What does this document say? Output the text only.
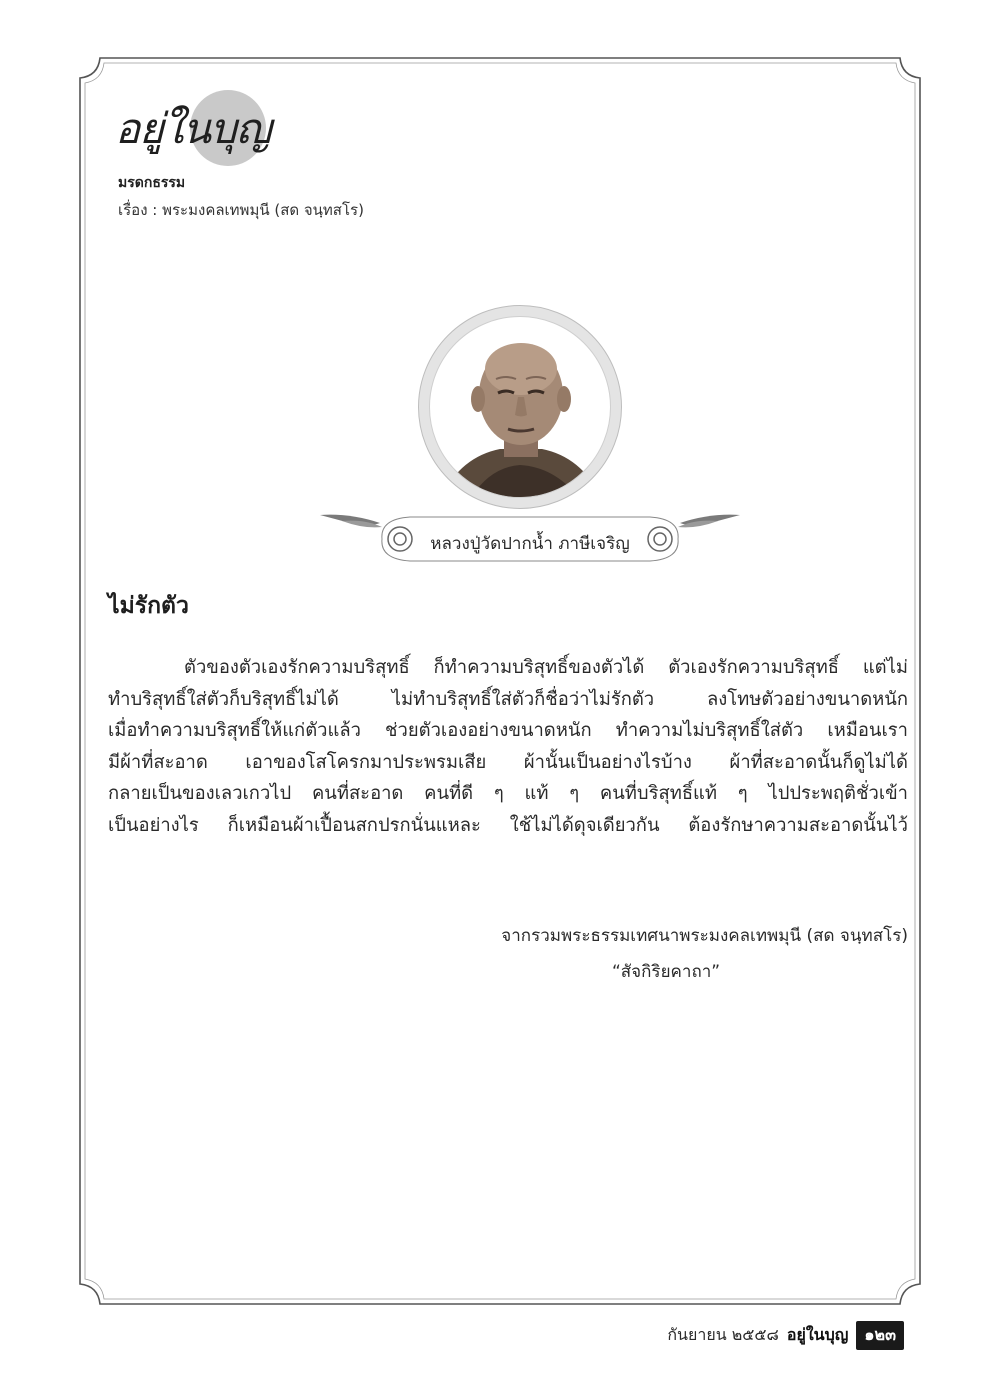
อยู่ในบุญ
มรดกธรรม
เรื่อง : พระมงคลเทพมุนี (สด จนฺทสโร)
หลวงปู่วัดปากน้ำ ภาษีเจริญ
ไม่รักตัว

ตัวของตัวเองรักความบริสุทธิ์ ก็ทำความบริสุทธิ์ของตัวได้ ตัวเองรักความบริสุทธิ์ แต่ไม่

ทำบริสุทธิ์ใส่ตัวก็บริสุทธิ์ไม่ได้ ไม่ทำบริสุทธิ์ใส่ตัวก็ชื่อว่าไม่รักตัว ลงโทษตัวอย่างขนาดหนัก

เมื่อทำความบริสุทธิ์ให้แก่ตัวแล้ว ช่วยตัวเองอย่างขนาดหนัก ทำความไม่บริสุทธิ์ใส่ตัว เหมือนเรา

มีผ้าที่สะอาด เอาของโสโครกมาประพรมเสีย ผ้านั้นเป็นอย่างไรบ้าง ผ้าที่สะอาดนั้นก็ดูไม่ได้

กลายเป็นของเลวเกวไป คนที่สะอาด คนที่ดี ๆ แท้ ๆ คนที่บริสุทธิ์แท้ ๆ ไปประพฤติชั่วเข้า

เป็นอย่างไร ก็เหมือนผ้าเปื้อนสกปรกนั่นแหละ ใช้ไม่ได้ดุจเดียวกัน ต้องรักษาความสะอาดนั้นไว้

จากรวมพระธรรมเทศนาพระมงคลเทพมุนี (สด จนฺทสโร)
“สัจกิริยคาถา”
กันยายน ๒๕๕๘ อยู่ในบุญ	๑๒๓
